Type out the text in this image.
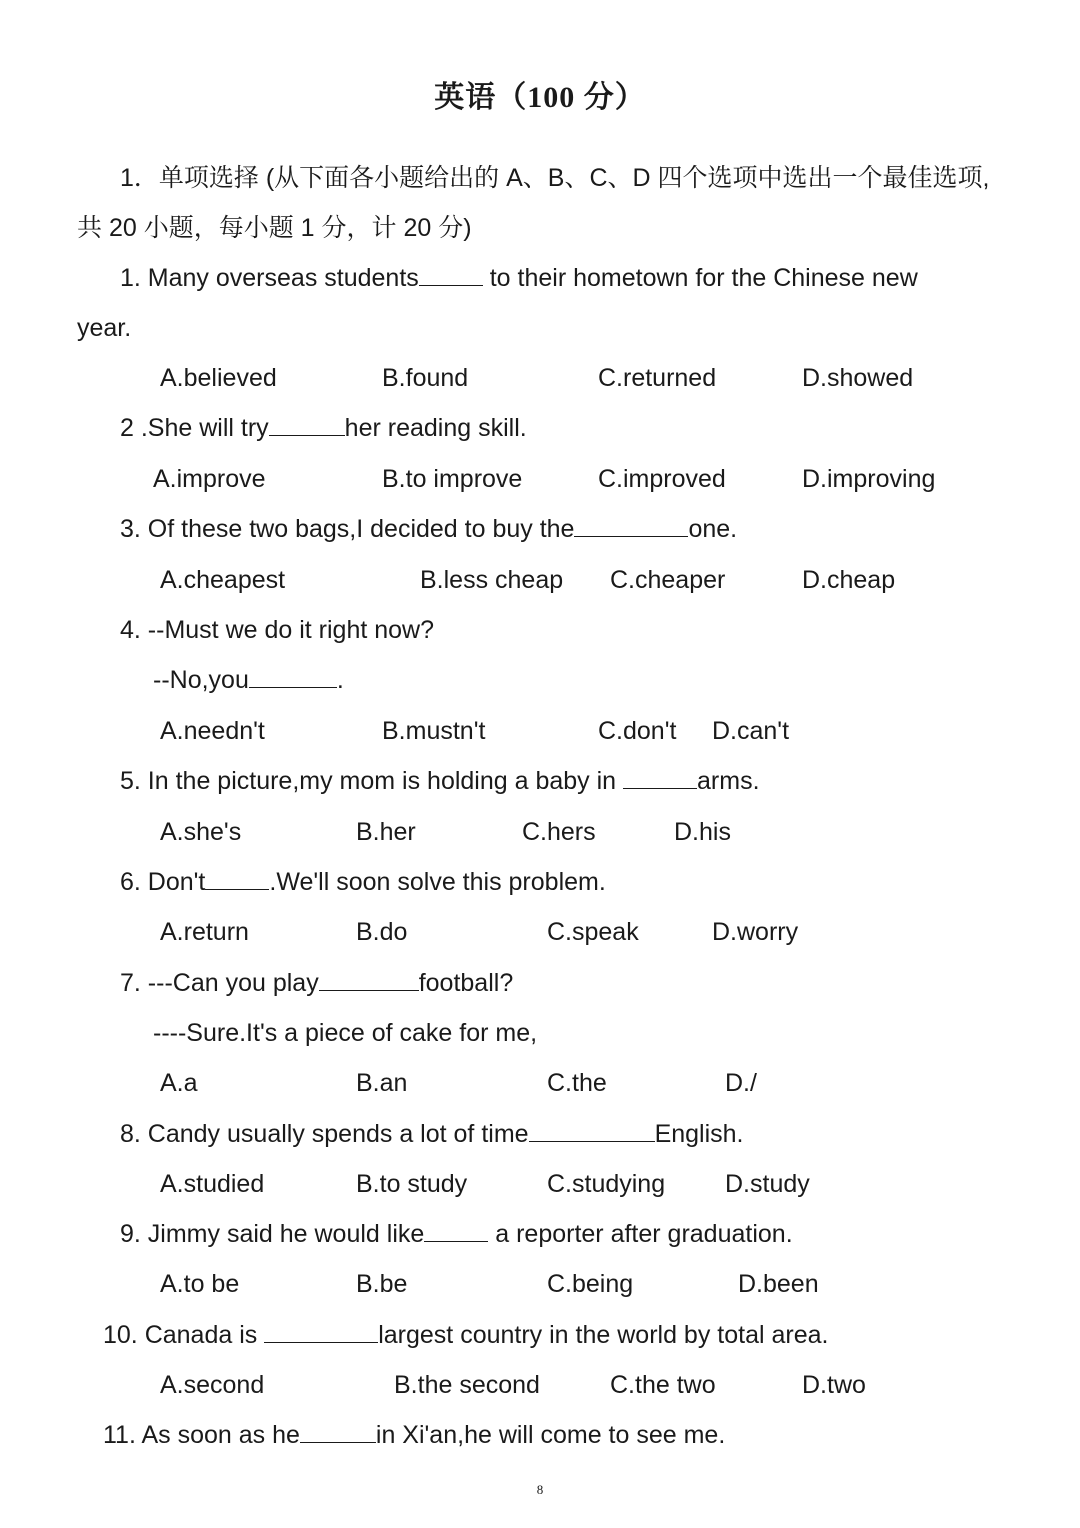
英语（100 分）
1．单项选择 (从下面各小题给出的 A、B、C、D 四个选项中选出一个最佳选项,
共 20 小题，每小题 1 分，计 20 分)
1. Many overseas students	to their hometown for the Chinese new
year.
A.believed	B.found	C.returned	D.showed
2 .She will try	her reading skill.
A.improve	B.to improve	C.improved	D.improving
3. Of these two bags,I decided to buy the	one.
A.cheapest	B.less cheap C.cheaper	D.cheap
4. --Must we do it right now?
--No,you	.
A.needn't	B.mustn't	C.don't D.can't
5. In the picture,my mom is holding a baby in	arms.
A.she's	B.her	C.hers	D.his
6. Don't	.We'll soon solve this problem.
A.return	B.do	C.speak	D.worry
7. ---Can you play	football?
----Sure.It's a piece of cake for me,
A.a	B.an	C.the	D./
8. Candy usually spends a lot of time	English.
A.studied	B.to study	C.studying D.study
9. Jimmy said he would like	a reporter after graduation.
A.to be	B.be	C.being	D.been
10. Canada is	largest country in the world by total area.
A.second	B.the second	C.the two	D.two
11. As soon as he	in Xi'an,he will come to see me.
8
